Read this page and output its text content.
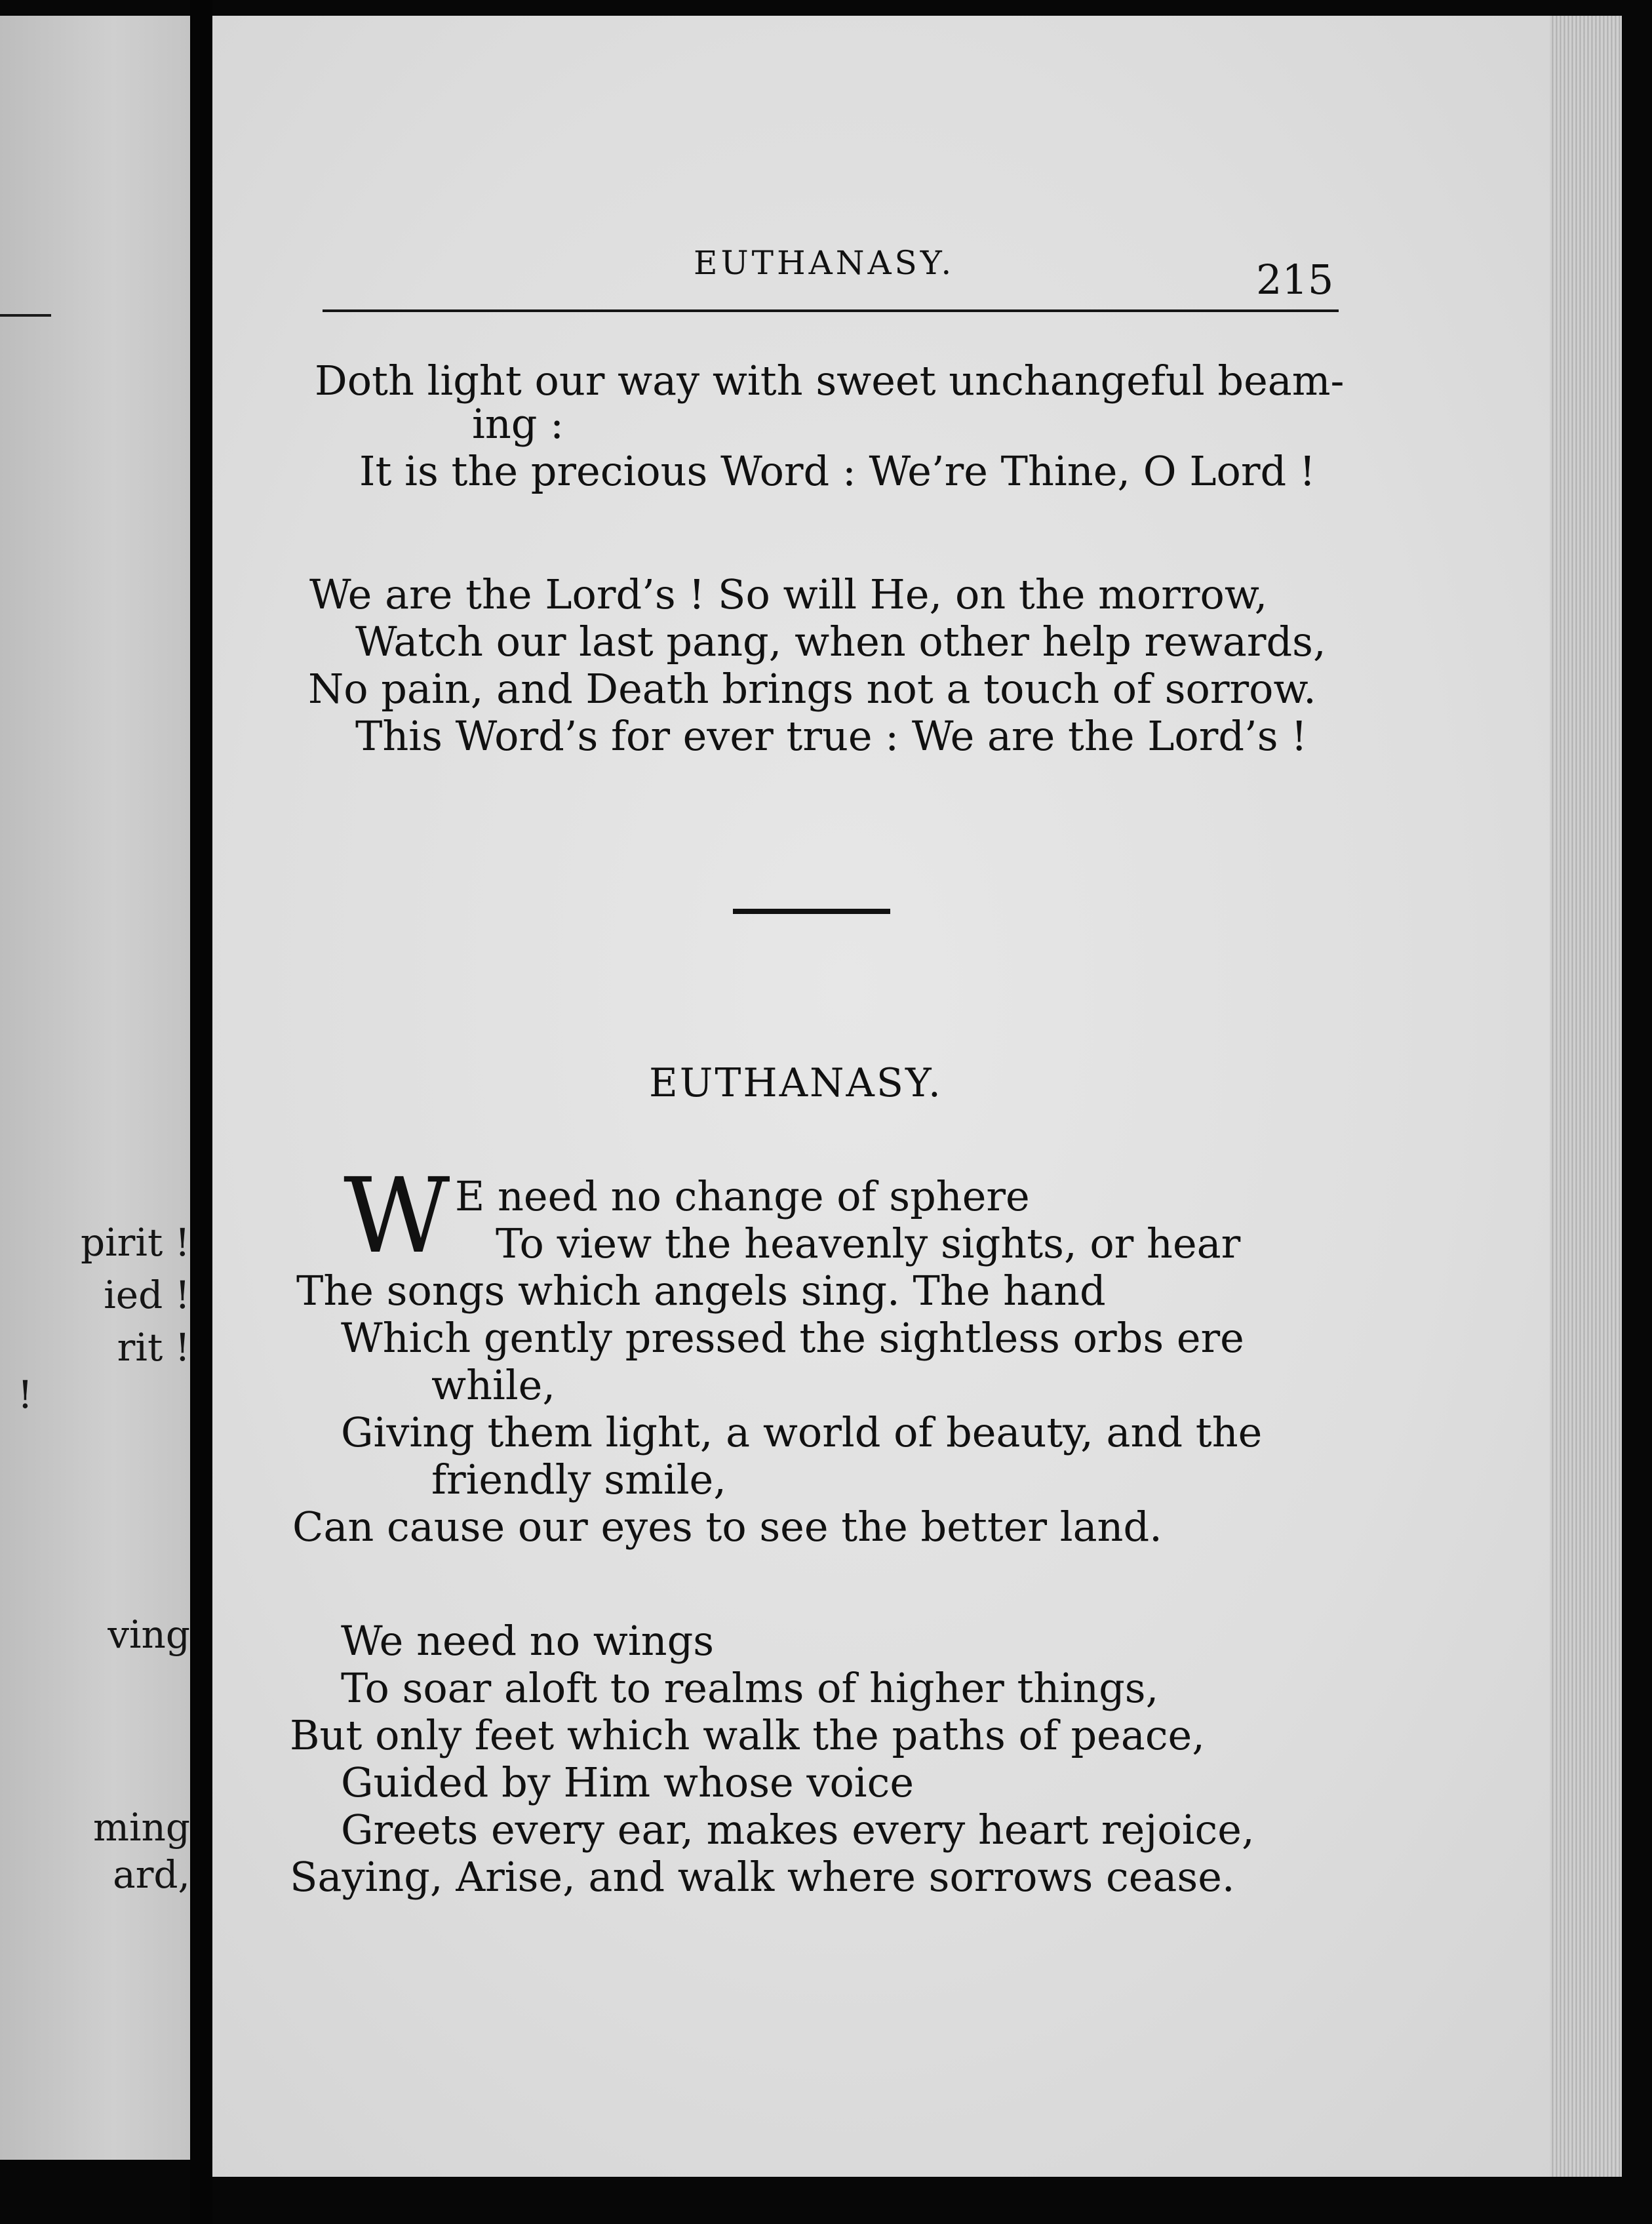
pirit !
ied !
rit !
!
ving
ming
ard,
EUTHANASY.	215
Doth light our way with sweet unchangeful beam-
ing :
It is the precious Word : We’re Thine, O Lord !
We are the Lord’s ! So will He, on the morrow,
Watch our last pang, when other help rewards,
No pain, and Death brings not a touch of sorrow.
This Word’s for ever true : We are the Lord’s !
EUTHANASY.
W E need no change of sphere
To view the heavenly sights, or hear
The songs which angels sing. The hand
Which gently pressed the sightless orbs ere
while,
Giving them light, a world of beauty, and the
friendly smile,
Can cause our eyes to see the better land.
We need no wings
To soar aloft to realms of higher things,
But only feet which walk the paths of peace,
Guided by Him whose voice
Greets every ear, makes every heart rejoice,
Saying, Arise, and walk where sorrows cease.
